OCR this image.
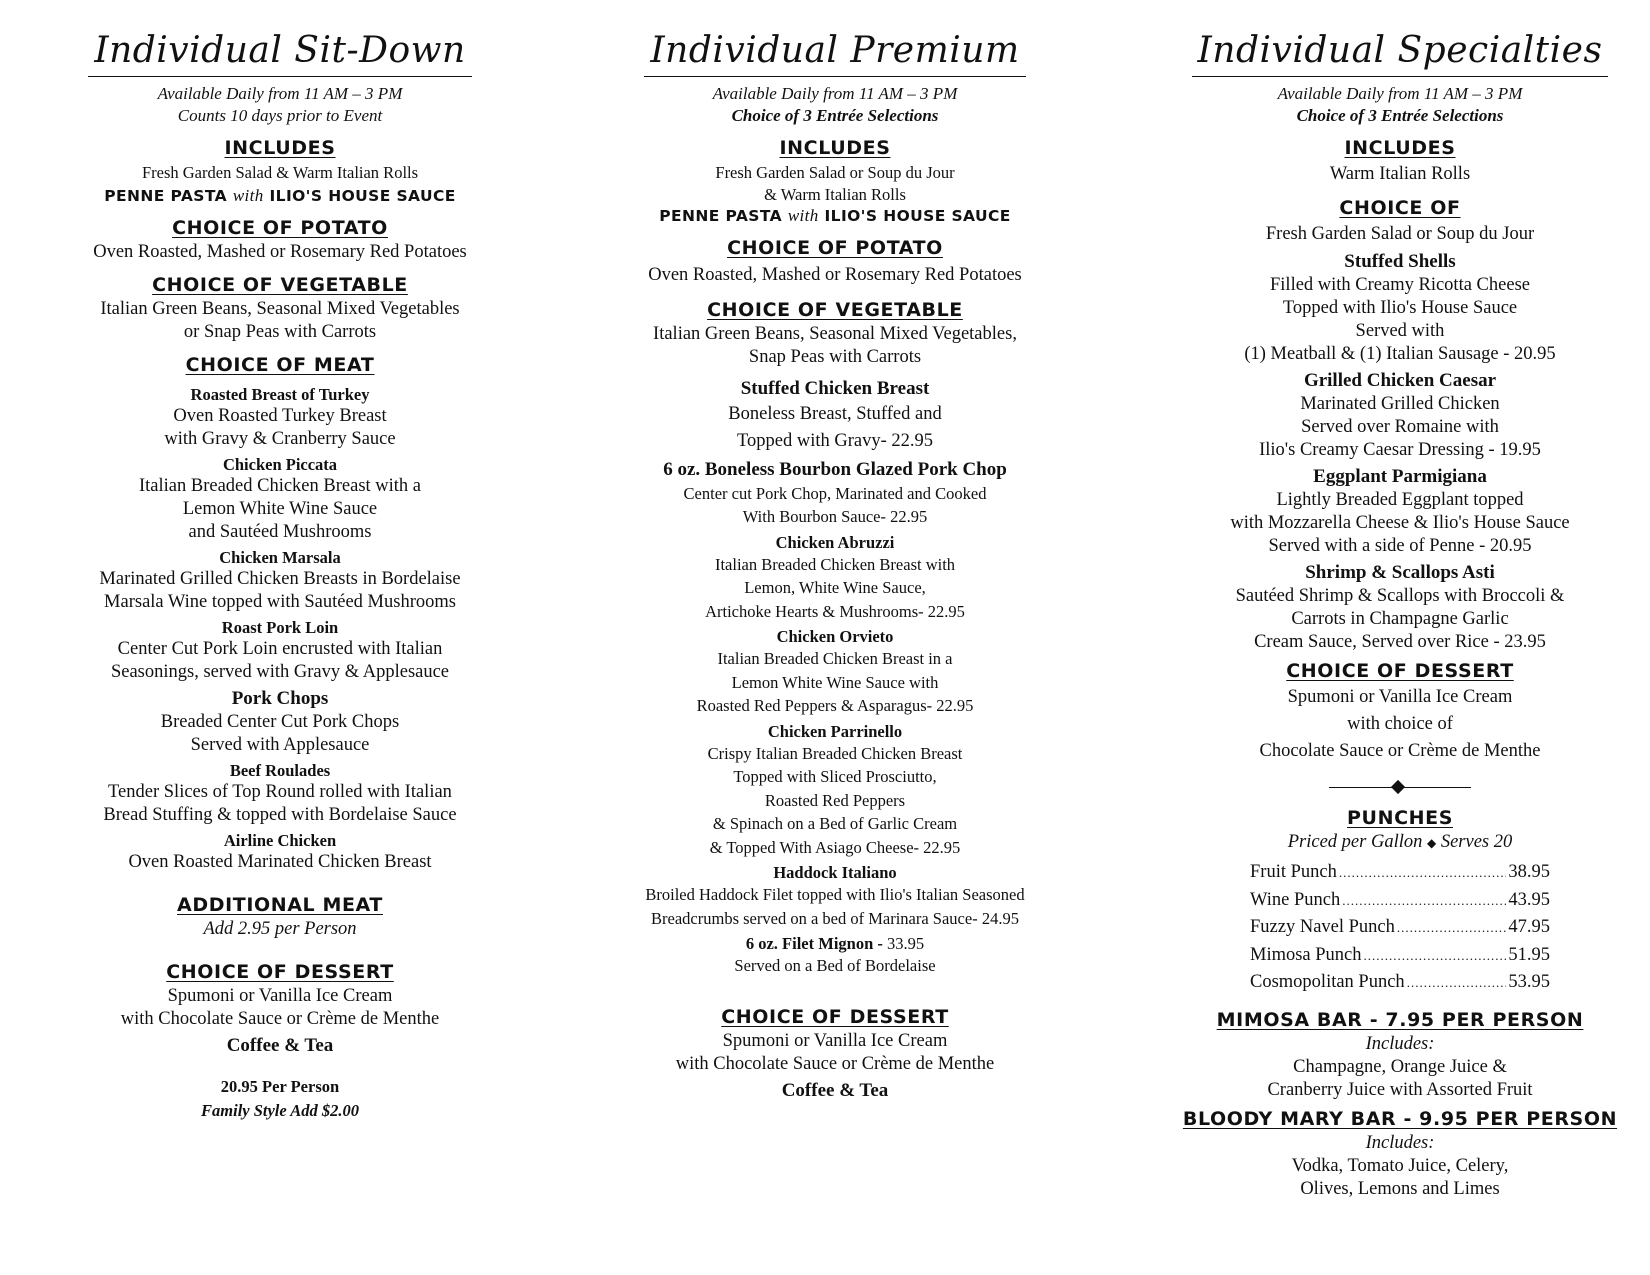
Individual Sit-Down
Available Daily from 11 AM – 3 PM
Counts 10 days prior to Event
INCLUDES
Fresh Garden Salad & Warm Italian Rolls
PENNE PASTA with ILIO'S HOUSE SAUCE
CHOICE OF POTATO
Oven Roasted, Mashed or Rosemary Red Potatoes
CHOICE OF VEGETABLE
Italian Green Beans, Seasonal Mixed Vegetables
or Snap Peas with Carrots
CHOICE OF MEAT
Roasted Breast of Turkey
Oven Roasted Turkey Breast
with Gravy & Cranberry Sauce
Chicken Piccata
Italian Breaded Chicken Breast with a
Lemon White Wine Sauce
and Sautéed Mushrooms
Chicken Marsala
Marinated Grilled Chicken Breasts in Bordelaise
Marsala Wine topped with Sautéed Mushrooms
Roast Pork Loin
Center Cut Pork Loin encrusted with Italian
Seasonings, served with Gravy & Applesauce
Pork Chops
Breaded Center Cut Pork Chops
Served with Applesauce
Beef Roulades
Tender Slices of Top Round rolled with Italian
Bread Stuffing & topped with Bordelaise Sauce
Airline Chicken
Oven Roasted Marinated Chicken Breast
ADDITIONAL MEAT
Add 2.95 per Person
CHOICE OF DESSERT
Spumoni or Vanilla Ice Cream
with Chocolate Sauce or Crème de Menthe
Coffee & Tea
20.95 Per Person
Family Style Add $2.00
Individual Premium
Available Daily from 11 AM – 3 PM
Choice of 3 Entrée Selections
INCLUDES
Fresh Garden Salad or Soup du Jour
& Warm Italian Rolls
PENNE PASTA with ILIO'S HOUSE SAUCE
CHOICE OF POTATO
Oven Roasted, Mashed or Rosemary Red Potatoes
CHOICE OF VEGETABLE
Italian Green Beans, Seasonal Mixed Vegetables,
Snap Peas with Carrots
Stuffed Chicken Breast
Boneless Breast, Stuffed and
Topped with Gravy- 22.95
6 oz. Boneless Bourbon Glazed Pork Chop
Center cut Pork Chop, Marinated and Cooked
With Bourbon Sauce- 22.95
Chicken Abruzzi
Italian Breaded Chicken Breast with
Lemon, White Wine Sauce,
Artichoke Hearts & Mushrooms- 22.95
Chicken Orvieto
Italian Breaded Chicken Breast in a
Lemon White Wine Sauce with
Roasted Red Peppers & Asparagus- 22.95
Chicken Parrinello
Crispy Italian Breaded Chicken Breast
Topped with Sliced Prosciutto,
Roasted Red Peppers
& Spinach on a Bed of Garlic Cream
& Topped With Asiago Cheese- 22.95
Haddock Italiano
Broiled Haddock Filet topped with Ilio's Italian Seasoned
Breadcrumbs served on a bed of Marinara Sauce- 24.95
6 oz. Filet Mignon - 33.95
Served on a Bed of Bordelaise
CHOICE OF DESSERT
Spumoni or Vanilla Ice Cream
with Chocolate Sauce or Crème de Menthe
Coffee & Tea
Individual Specialties
Available Daily from 11 AM – 3 PM
Choice of 3 Entrée Selections
INCLUDES
Warm Italian Rolls
CHOICE OF
Fresh Garden Salad or Soup du Jour
Stuffed Shells
Filled with Creamy Ricotta Cheese
Topped with Ilio's House Sauce
Served with
(1) Meatball & (1) Italian Sausage - 20.95
Grilled Chicken Caesar
Marinated Grilled Chicken
Served over Romaine with
Ilio's Creamy Caesar Dressing - 19.95
Eggplant Parmigiana
Lightly Breaded Eggplant topped
with Mozzarella Cheese & Ilio's House Sauce
Served with a side of Penne - 20.95
Shrimp & Scallops Asti
Sautéed Shrimp & Scallops with Broccoli &
Carrots in Champagne Garlic
Cream Sauce, Served over Rice - 23.95
CHOICE OF DESSERT
Spumoni or Vanilla Ice Cream
with choice of
Chocolate Sauce or Crème de Menthe
PUNCHES
Priced per Gallon ◆ Serves 20
Fruit Punch .....	38.95
Wine Punch .....	43.95
Fuzzy Navel Punch .....	47.95
Mimosa Punch .....	51.95
Cosmopolitan Punch .....	53.95
MIMOSA BAR - 7.95 PER PERSON
Includes:
Champagne, Orange Juice &
Cranberry Juice with Assorted Fruit
BLOODY MARY BAR - 9.95 PER PERSON
Includes:
Vodka, Tomato Juice, Celery,
Olives, Lemons and Limes
